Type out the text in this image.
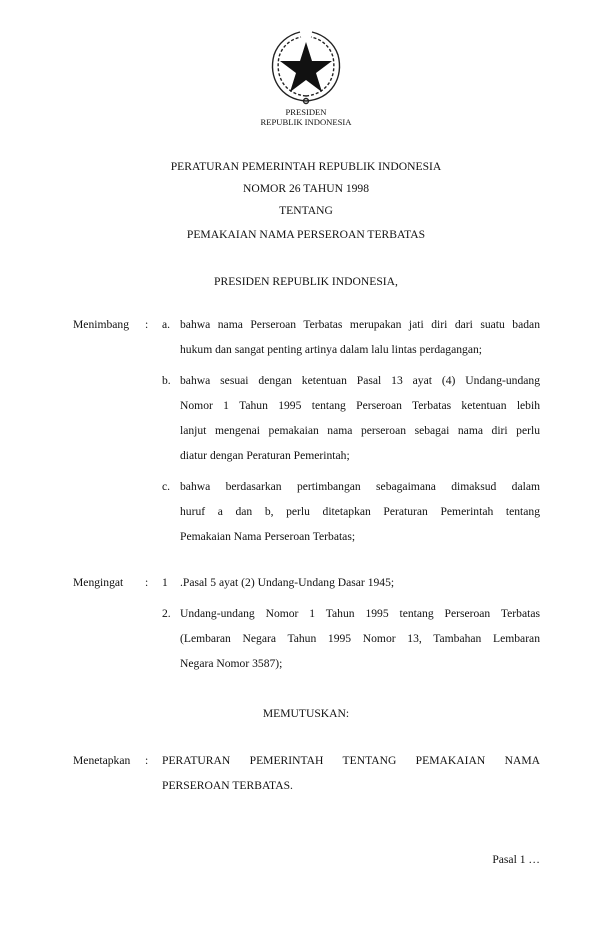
PRESIDEN
REPUBLIK INDONESIA
PERATURAN PEMERINTAH REPUBLIK INDONESIA
NOMOR 26 TAHUN 1998
TENTANG
PEMAKAIAN NAMA PERSEROAN TERBATAS
PRESIDEN REPUBLIK INDONESIA,
Menimbang : a. bahwa nama Perseroan Terbatas merupakan jati diri dari suatu badan
hukum dan sangat penting artinya dalam lalu lintas perdagangan;
b. bahwa sesuai dengan ketentuan Pasal 13 ayat (4) Undang-undang
Nomor 1 Tahun 1995 tentang Perseroan Terbatas ketentuan lebih
lanjut mengenai pemakaian nama perseroan sebagai nama diri perlu
diatur dengan Peraturan Pemerintah;
c. bahwa berdasarkan pertimbangan sebagaimana dimaksud dalam
huruf a dan b, perlu ditetapkan Peraturan Pemerintah tentang
Pemakaian Nama Perseroan Terbatas;
Mengingat : 1 .Pasal 5 ayat (2) Undang-Undang Dasar 1945;
2. Undang-undang Nomor 1 Tahun 1995 tentang Perseroan Terbatas
(Lembaran Negara Tahun 1995 Nomor 13, Tambahan Lembaran
Negara Nomor 3587);
MEMUTUSKAN:
Menetapkan : PERATURAN PEMERINTAH TENTANG PEMAKAIAN NAMA
PERSEROAN TERBATAS.
Pasal 1 …
